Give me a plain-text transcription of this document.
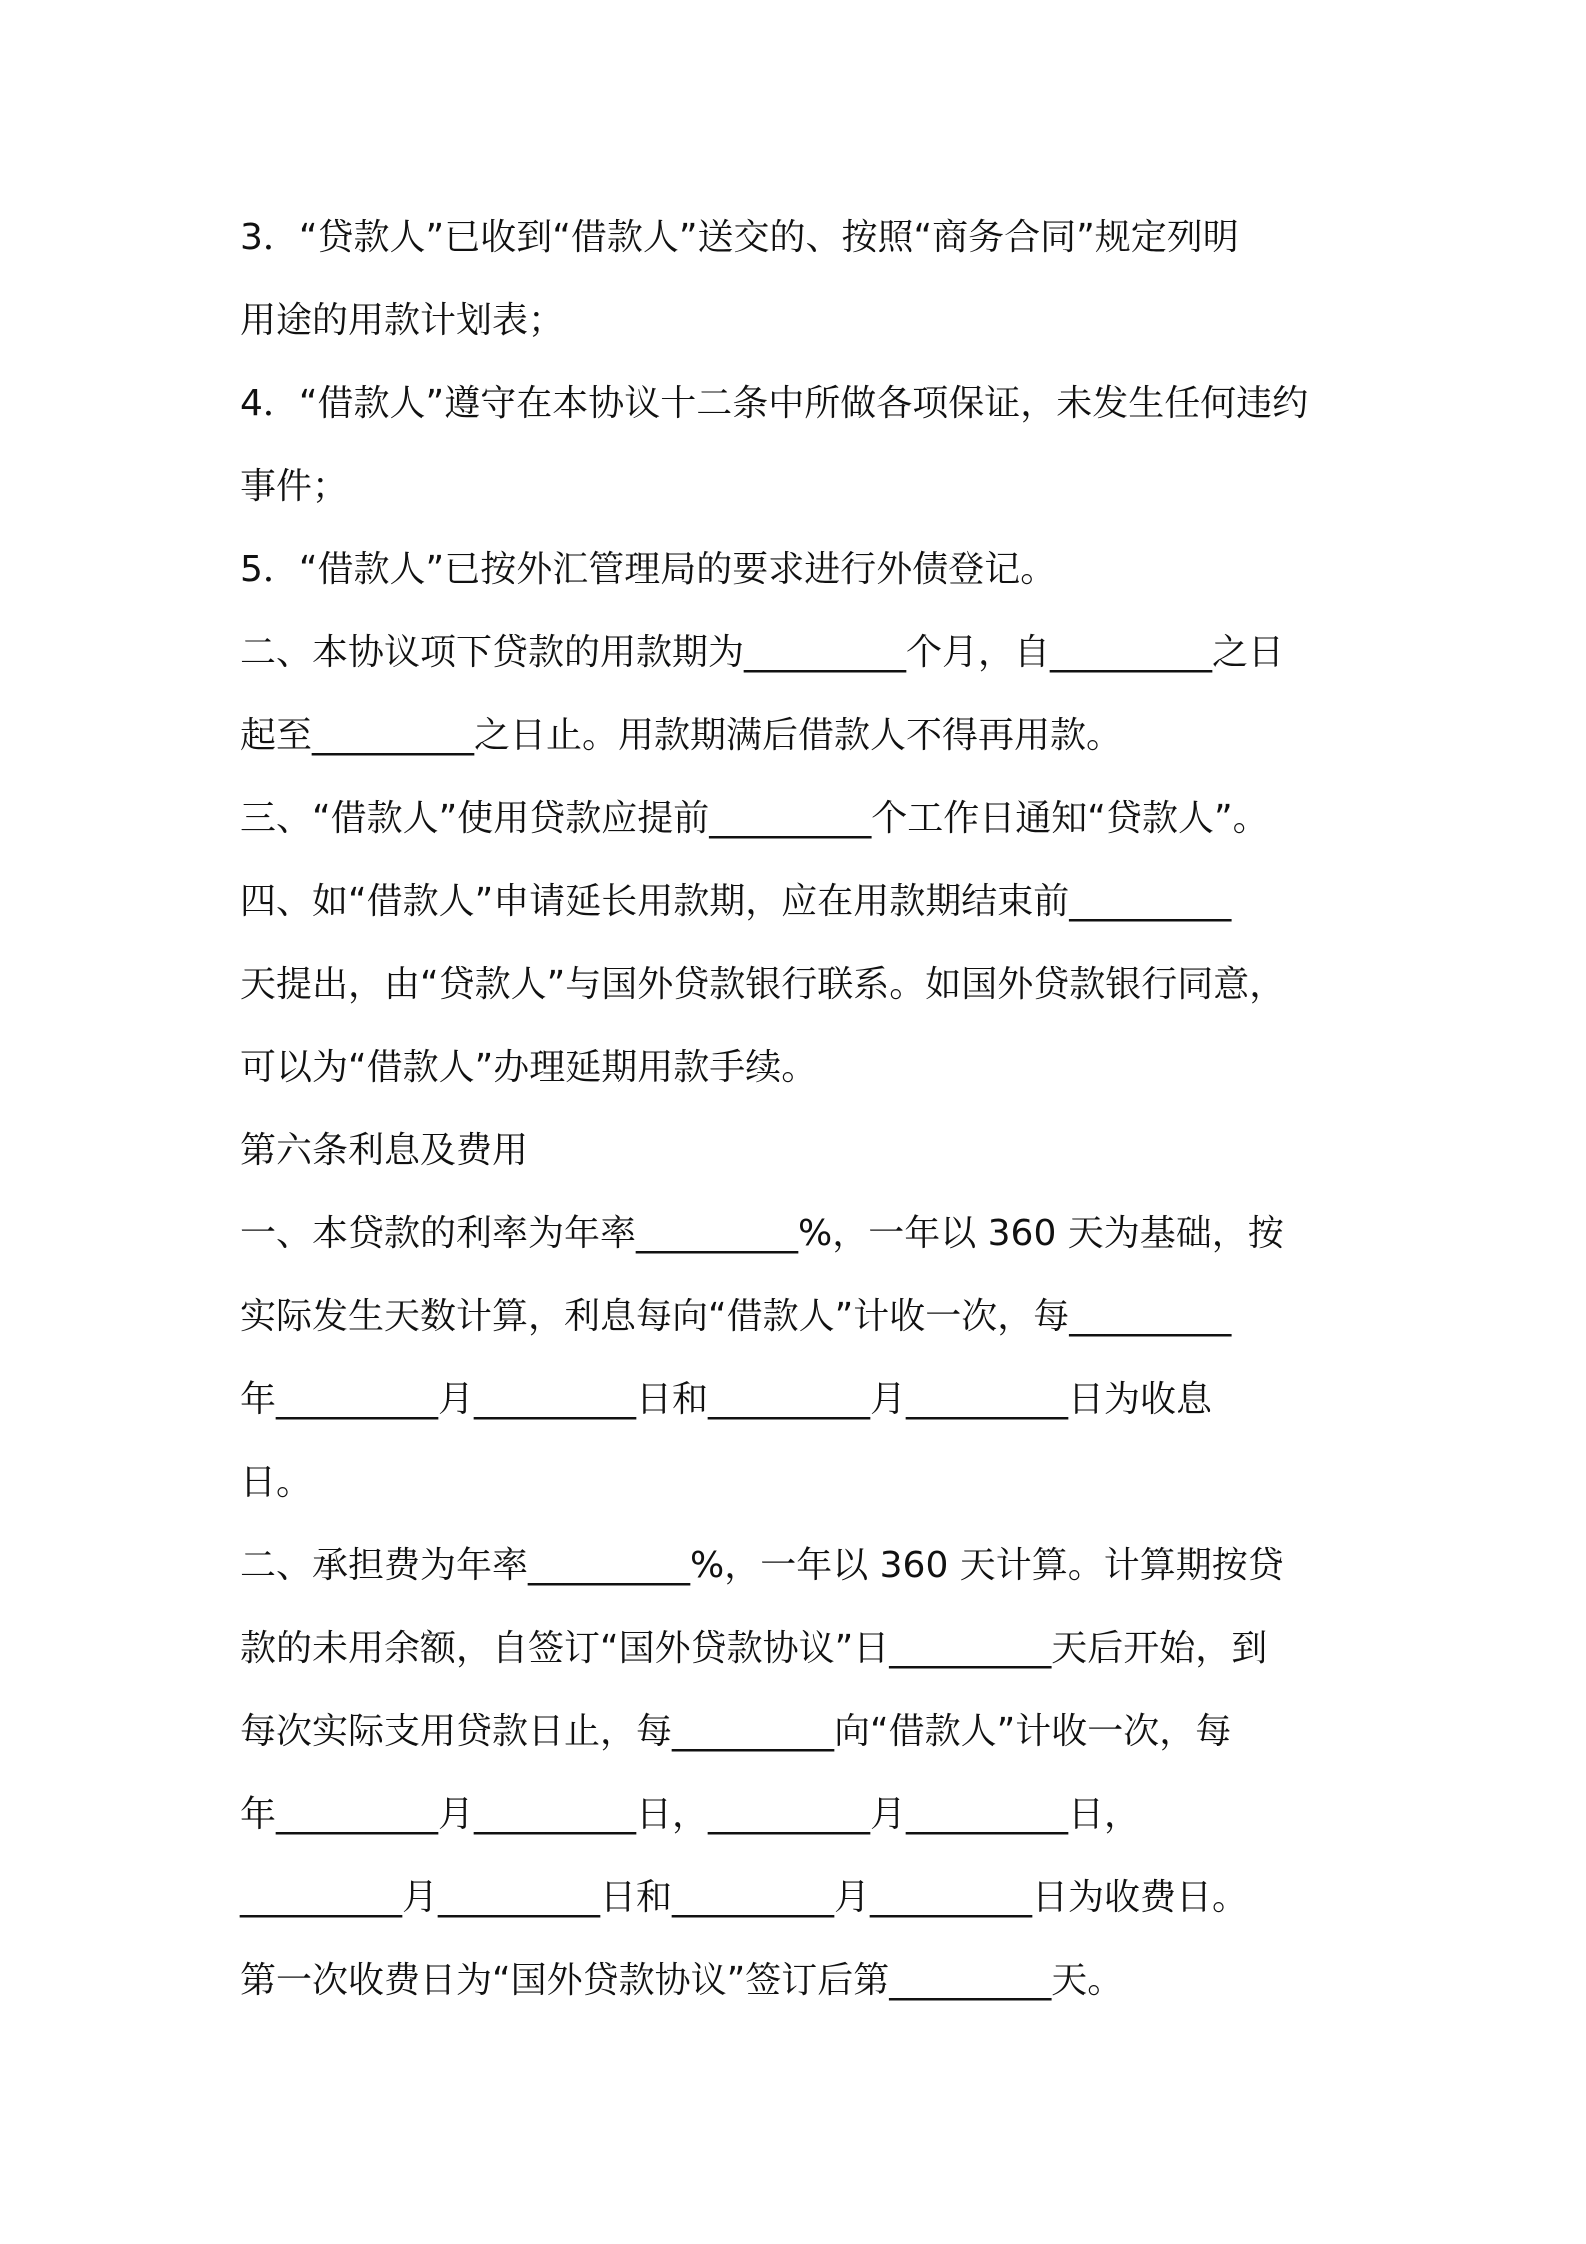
3．“贷款人”已收到“借款人”送交的、按照“商务合同”规定列明
用途的用款计划表；
4．“借款人”遵守在本协议十二条中所做各项保证，未发生任何违约
事件；
5．“借款人”已按外汇管理局的要求进行外债登记。
二、本协议项下贷款的用款期为_________个月，自_________之日
起至_________之日止。用款期满后借款人不得再用款。
三、“借款人”使用贷款应提前_________个工作日通知“贷款人”。
四、如“借款人”申请延长用款期，应在用款期结束前_________
天提出，由“贷款人”与国外贷款银行联系。如国外贷款银行同意，
可以为“借款人”办理延期用款手续。
第六条利息及费用
一、本贷款的利率为年率_________%，一年以 360 天为基础，按
实际发生天数计算，利息每向“借款人”计收一次，每_________
年_________月_________日和_________月_________日为收息
日。
二、承担费为年率_________%，一年以 360 天计算。计算期按贷
款的未用余额，自签订“国外贷款协议”日_________天后开始，到
每次实际支用贷款日止，每_________向“借款人”计收一次，每
年_________月_________日，_________月_________日，
_________月_________日和_________月_________日为收费日。
第一次收费日为“国外贷款协议”签订后第_________天。
